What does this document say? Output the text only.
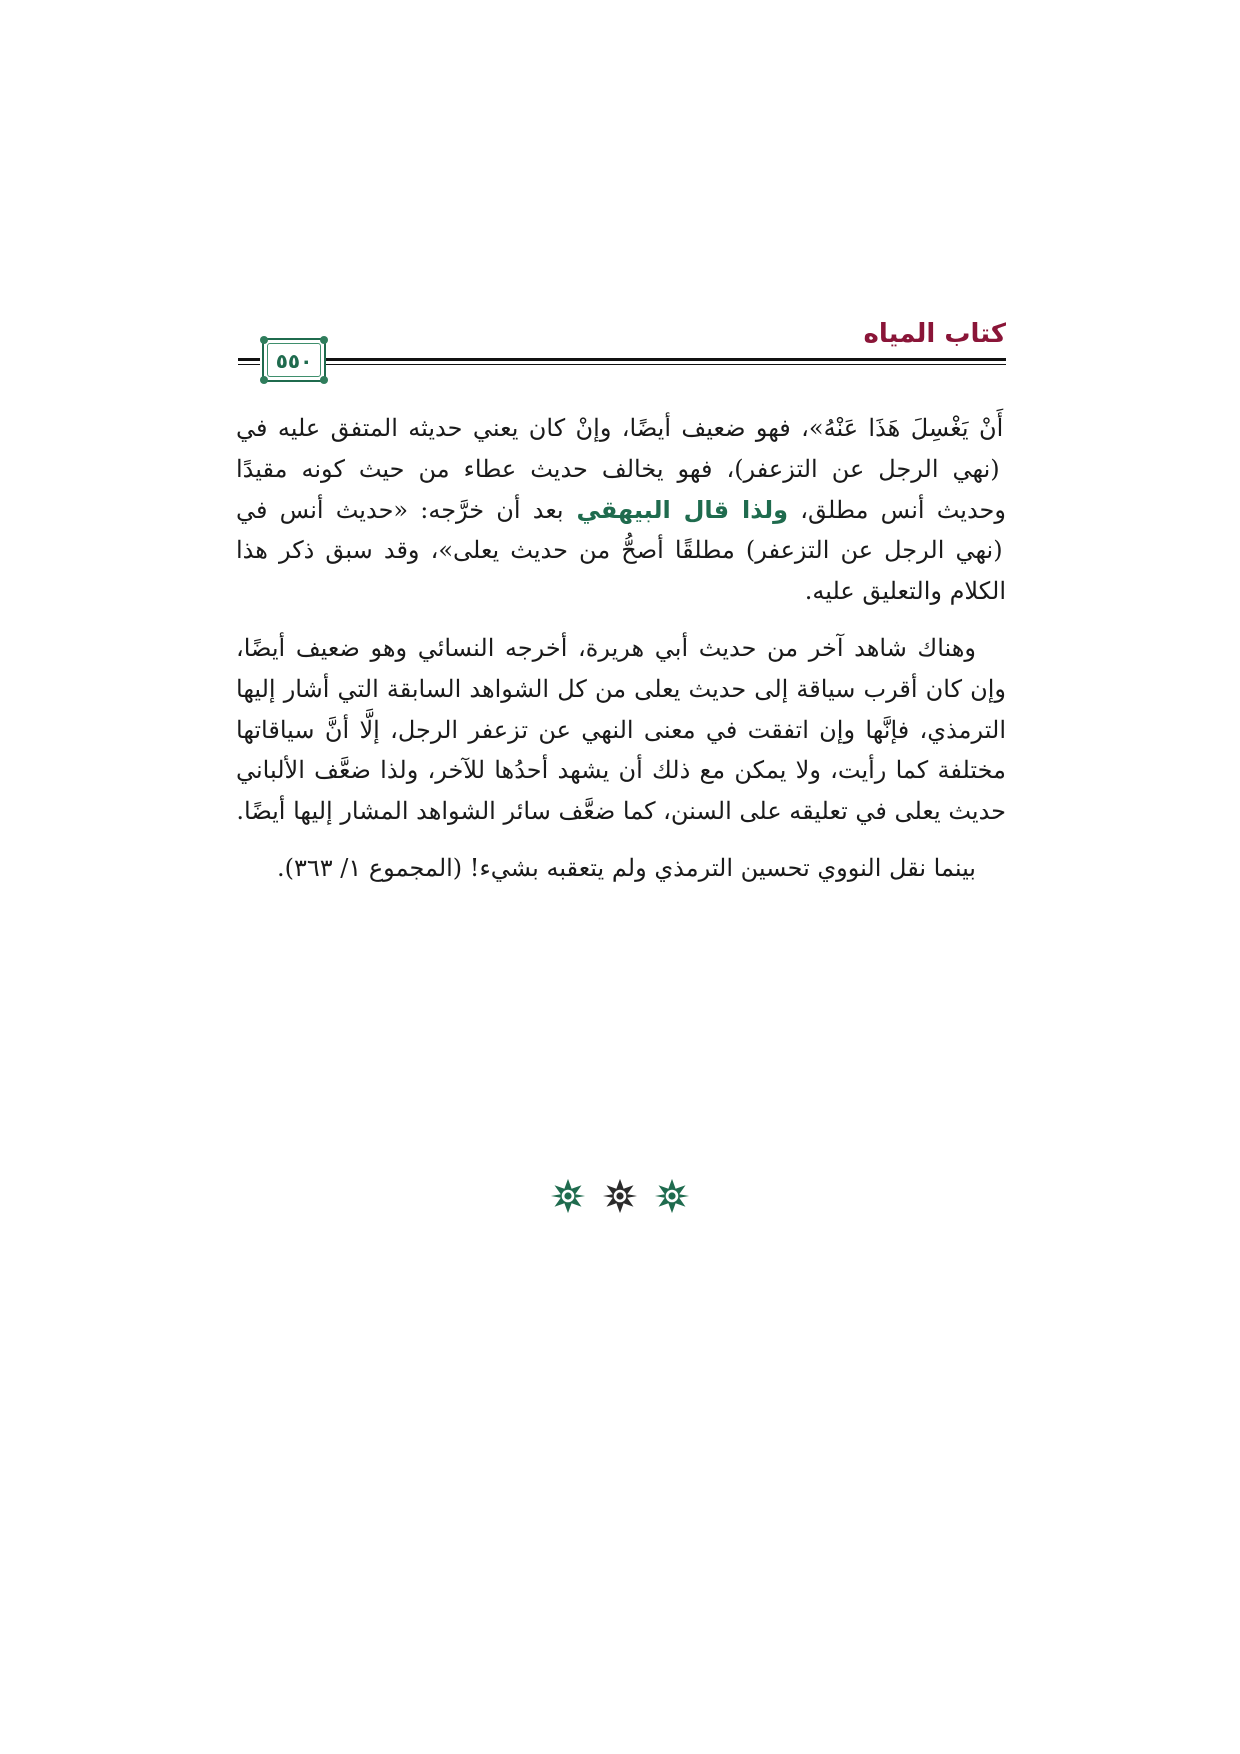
كتاب المياه
٥٥٠

أَنْ يَغْسِلَ هَذَا عَنْهُ»، فهو ضعيف أيضًا، وإنْ كان يعني حديثه المتفق عليه في (نهي الرجل عن التزعفر)، فهو يخالف حديث عطاء من حيث كونه مقيدًا وحديث أنس مطلق، ولذا قال البيهقي بعد أن خرَّجه: «حديث أنس في (نهي الرجل عن التزعفر) مطلقًا أصحُّ من حديث يعلى»، وقد سبق ذكر هذا الكلام والتعليق عليه.

وهناك شاهد آخر من حديث أبي هريرة، أخرجه النسائي وهو ضعيف أيضًا، وإن كان أقرب سياقة إلى حديث يعلى من كل الشواهد السابقة التي أشار إليها الترمذي، فإنَّها وإن اتفقت في معنى النهي عن تزعفر الرجل، إلَّا أنَّ سياقاتها مختلفة كما رأيت، ولا يمكن مع ذلك أن يشهد أحدُها للآخر، ولذا ضعَّف الألباني حديث يعلى في تعليقه على السنن، كما ضعَّف سائر الشواهد المشار إليها أيضًا.

بينما نقل النووي تحسين الترمذي ولم يتعقبه بشيء! (المجموع ١/ ٣٦٣).
